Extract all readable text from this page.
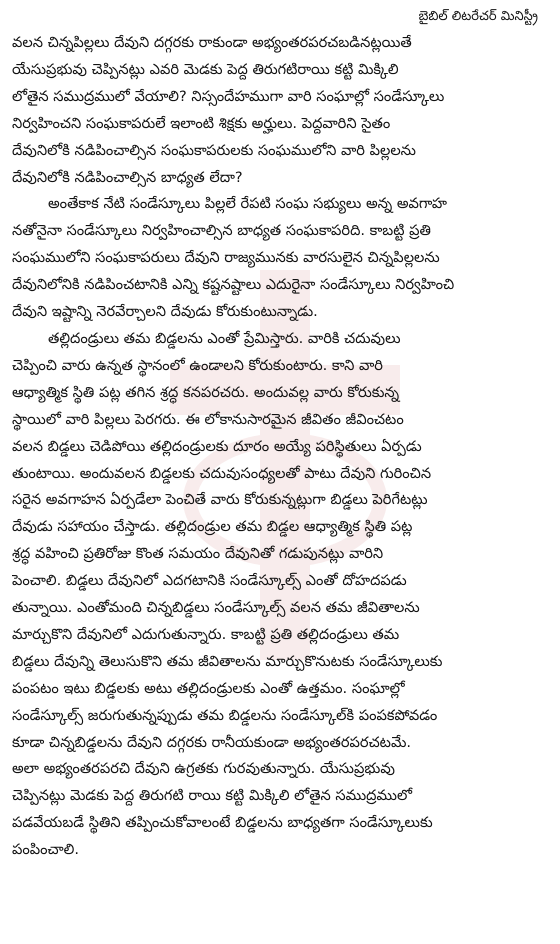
బైబిల్ లిటరేచర్ మినిస్ట్రీ

వలన చిన్నపిల్లలు దేవుని దగ్గరకు రాకుండా అభ్యంతరపరచబడినట్లయితే
యేసుప్రభువు చెప్పినట్లు ఎవరి మెడకు పెద్ద తిరుగటిరాయి కట్టి మిక్కిలి
లోతైన సముద్రములో వేయాలి? నిస్సందేహముగా వారి సంఘాల్లో సండేస్కూలు
నిర్వహించని సంఘకాపరులే ఇలాంటి శిక్షకు అర్హులు. పెద్దవారిని సైతం
దేవునిలోకి నడిపించాల్సిన సంఘకాపరులకు సంఘములోని వారి పిల్లలను
దేవునిలోకి నడిపించాల్సిన బాధ్యత లేదా?

అంతేకాక నేటి సండేస్కూలు పిల్లలే రేపటి సంఘ సభ్యులు అన్న అవగాహ
నతోనైనా సండేస్కూలు నిర్వహించాల్సిన బాధ్యత సంఘకాపరిది. కాబట్టి ప్రతి
సంఘములోని సంఘకాపరులు దేవుని రాజ్యమునకు వారసులైన చిన్నపిల్లలను
దేవునిలోనికి నడిపించటానికి ఎన్ని కష్టనష్టాలు ఎదురైనా సండేస్కూలు నిర్వహించి
దేవుని ఇష్టాన్ని నెరవేర్చాలని దేవుడు కోరుకుంటున్నాడు.

తల్లిదండ్రులు తమ బిడ్డలను ఎంతో ప్రేమిస్తారు. వారికి చదువులు
చెప్పించి వారు ఉన్నత స్థానంలో ఉండాలని కోరుకుంటారు. కాని వారి
ఆధ్యాత్మిక స్థితి పట్ల తగిన శ్రద్ధ కనపరచరు. అందువల్ల వారు కోరుకున్న
స్థాయిలో వారి పిల్లలు పెరగరు. ఈ లోకానుసారమైన జీవితం జీవించటం
వలన బిడ్డలు చెడిపోయి తల్లిదండ్రులకు దూరం అయ్యే పరిస్థితులు ఏర్పడు
తుంటాయి. అందువలన బిడ్డలకు చదువుసంధ్యలతో పాటు దేవుని గురించిన
సరైన అవగాహన ఏర్పడేలా పెంచితే వారు కోరుకున్నట్లుగా బిడ్డలు పెరిగేటట్లు
దేవుడు సహాయం చేస్తాడు. తల్లిదండ్రుల తమ బిడ్డల ఆధ్యాత్మిక స్థితి పట్ల
శ్రద్ధ వహించి ప్రతిరోజు కొంత సమయం దేవునితో గడుపునట్లు వారిని
పెంచాలి. బిడ్డలు దేవునిలో ఎదగటానికి సండేస్కూల్స్ ఎంతో దోహదపడు
తున్నాయి. ఎంతోమంది చిన్నబిడ్డలు సండేస్కూల్స్ వలన తమ జీవితాలను
మార్చుకొని దేవునిలో ఎదుగుతున్నారు. కాబట్టి ప్రతి తల్లిదండ్రులు తమ
బిడ్డలు దేవున్ని తెలుసుకొని తమ జీవితాలను మార్చుకొనుటకు సండేస్కూలుకు
పంపటం ఇటు బిడ్డలకు అటు తల్లిదండ్రులకు ఎంతో ఉత్తమం. సంఘాల్లో
సండేస్కూల్స్ జరుగుతున్నప్పుడు తమ బిడ్డలను సండేస్కూల్‌కి పంపకపోవడం
కూడా చిన్నబిడ్డలను దేవుని దగ్గరకు రానీయకుండా అభ్యంతరపరచటమే.
అలా అభ్యంతరపరచి దేవుని ఉగ్రతకు గురవుతున్నారు. యేసుప్రభువు
చెప్పినట్లు మెడకు పెద్ద తిరుగటి రాయి కట్టి మిక్కిలి లోతైన సముద్రములో
పడవేయబడే స్థితిని తప్పించుకోవాలంటే బిడ్డలను బాధ్యతగా సండేస్కూలుకు
పంపించాలి.
